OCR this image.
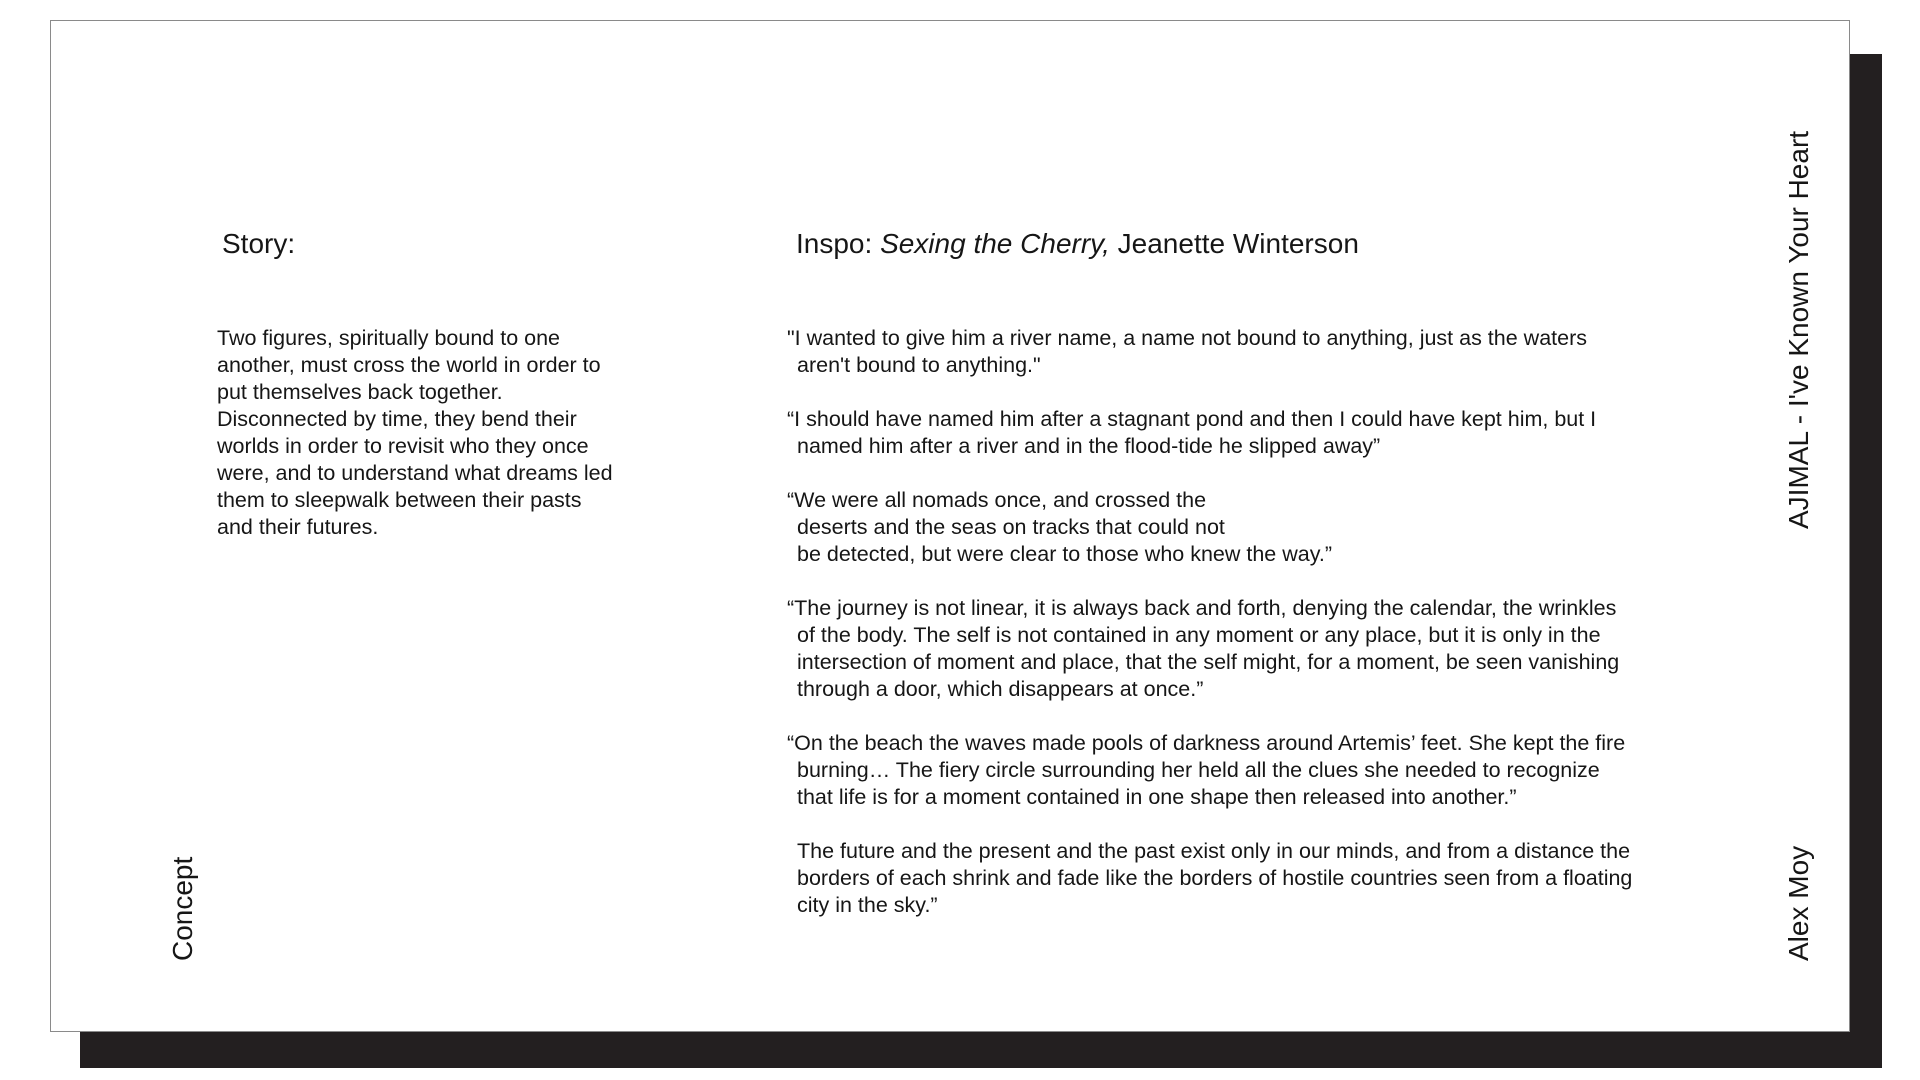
Story:
Two figures, spiritually bound to one
another, must cross the world in order to
put themselves back together.
Disconnected by time, they bend their
worlds in order to revisit who they once
were, and to understand what dreams led
them to sleepwalk between their pasts
and their futures.
Inspo: Sexing the Cherry, Jeanette Winterson
"I wanted to give him a river name, a name not bound to anything, just as the waters
aren't bound to anything."
“I should have named him after a stagnant pond and then I could have kept him, but I
named him after a river and in the flood-tide he slipped away”
“We were all nomads once, and crossed the
deserts and the seas on tracks that could not
be detected, but were clear to those who knew the way.”
“The journey is not linear, it is always back and forth, denying the calendar, the wrinkles
of the body. The self is not contained in any moment or any place, but it is only in the
intersection of moment and place, that the self might, for a moment, be seen vanishing
through a door, which disappears at once.”
“On the beach the waves made pools of darkness around Artemis’ feet. She kept the fire
burning… The fiery circle surrounding her held all the clues she needed to recognize
that life is for a moment contained in one shape then released into another.”
The future and the present and the past exist only in our minds, and from a distance the
borders of each shrink and fade like the borders of hostile countries seen from a floating
city in the sky.”
Concept
AJIMAL - I've Known Your Heart
Alex Moy
